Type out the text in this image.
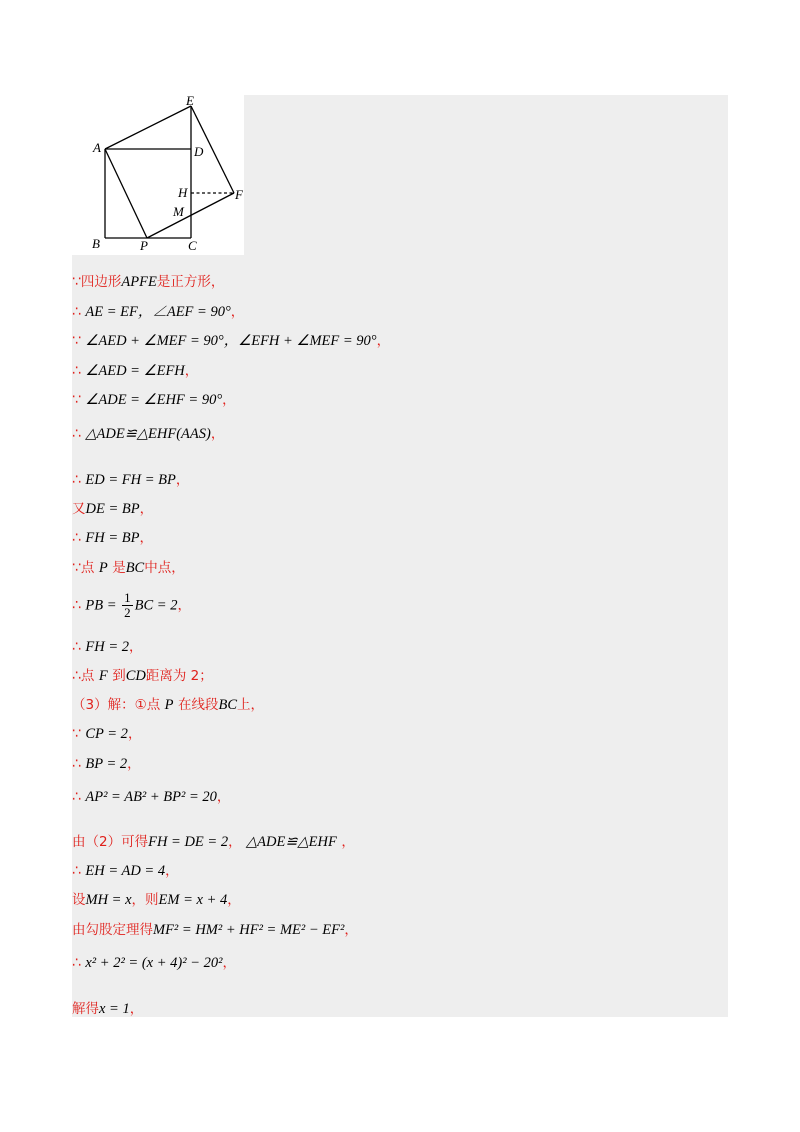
E
A	D
H	F
M
B	P	C
∵四边形APFE是正方形，
∴ AE = EF，∠AEF = 90°，
∵ ∠AED + ∠MEF = 90°，∠EFH + ∠MEF = 90°，
∴ ∠AED = ∠EFH，
∵ ∠ADE = ∠EHF = 90°，
∴ △ADE≌△EHF(AAS)，
∴ ED = FH = BP，
又DE = BP，
∴ FH = BP，
∵点 P 是BC中点，
∴ PB = $\frac{1}{2}$ BC = 2，
∴ FH = 2，
∴点 F 到CD距离为 2；
（3）解：①点 P 在线段BC上，
∵ CP = 2，
∴ BP = 2，
∴ AP² = AB² + BP² = 20，
由（2）可得FH = DE = 2， △ADE≌△EHF ，
∴ EH = AD = 4，
设MH = x，则EM = x + 4，
由勾股定理得MF² = HM² + HF² = ME² − EF²，
∴ x² + 2² = (x + 4)² − 20²，
解得x = 1，
